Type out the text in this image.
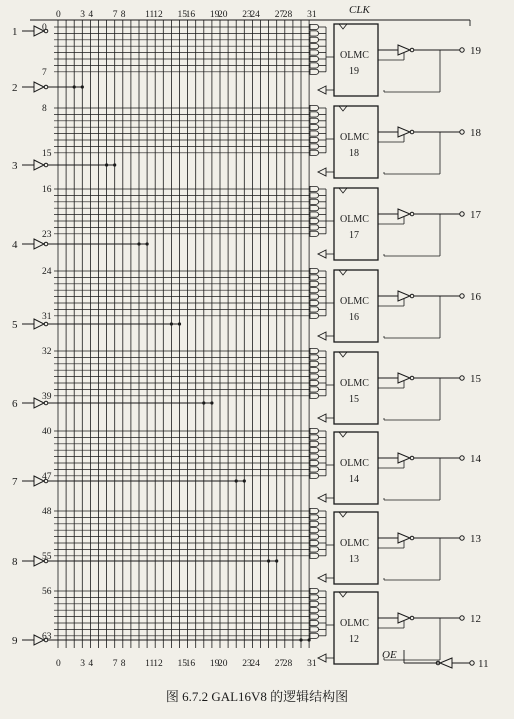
0 3 4 7 8 11
12 15
16 19
20 23
24 27
28 31
0 3 4 7 8 11
12 15
16 19
20 23
24 27
28 31
0
7
8
15
16
23
24
31
32
39
40
47
48
55
56
63
1
2
3
4
5
6
7
8
9
OLMC
19
19
OLMC
18
18
OLMC
17
17
OLMC
16
16
OLMC
15
15
OLMC
14
14
OLMC
13
13
OLMC
12
12
CLK
OE
11
图 6.7.2 GAL16V8 的逻辑结构图
